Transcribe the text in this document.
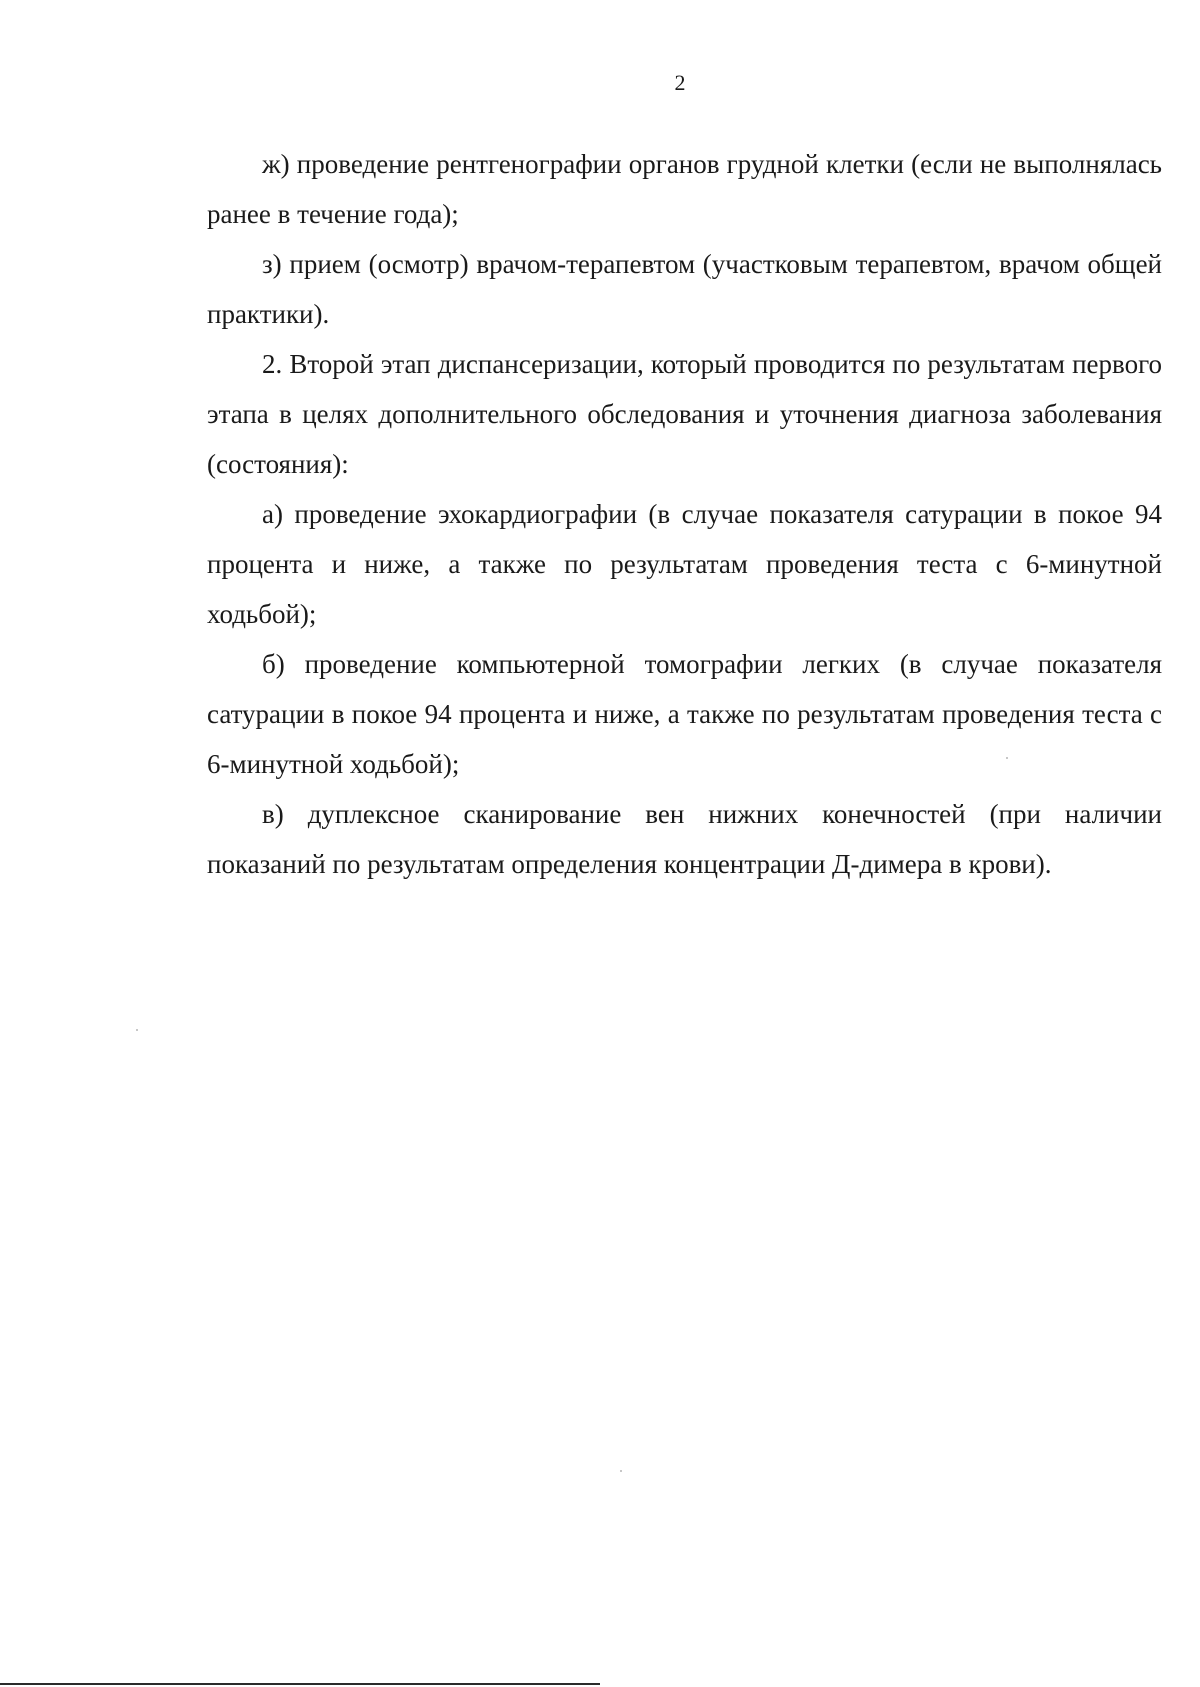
2

ж) проведение рентгенографии органов грудной клетки (если не выполнялась ранее в течение года);

з) прием (осмотр) врачом-терапевтом (участковым терапевтом, врачом общей практики).

2. Второй этап диспансеризации, который проводится по результатам первого этапа в целях дополнительного обследования и уточнения диагноза заболевания (состояния):

а) проведение эхокардиографии (в случае показателя сатурации в покое 94 процента и ниже, а также по результатам проведения теста с 6-минутной ходьбой);

б) проведение компьютерной томографии легких (в случае показателя сатурации в покое 94 процента и ниже, а также по результатам проведения теста с 6-минутной ходьбой);

в) дуплексное сканирование вен нижних конечностей (при наличии показаний по результатам определения концентрации Д-димера в крови).
